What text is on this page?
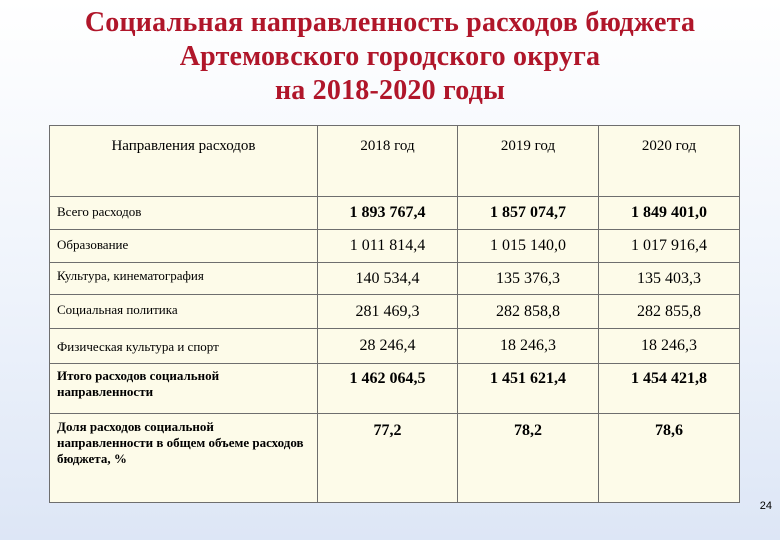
Социальная направленность расходов бюджета
Артемовского городского округа
на 2018-2020 годы
Направления расходов	2018 год	2019 год	2020 год
Всего расходов	1 893 767,4	1 857 074,7	1 849 401,0
Образование	1 011 814,4	1 015 140,0	1 017 916,4
Культура, кинематография	140 534,4	135 376,3	135 403,3
Социальная политика	281 469,3	282 858,8	282 855,8
Физическая культура и спорт	28 246,4	18 246,3	18 246,3
Итого расходов социальной направленности	1 462 064,5	1 451 621,4	1 454 421,8
Доля расходов социальной направленности в общем объеме расходов бюджета, %	77,2	78,2	78,6
24
